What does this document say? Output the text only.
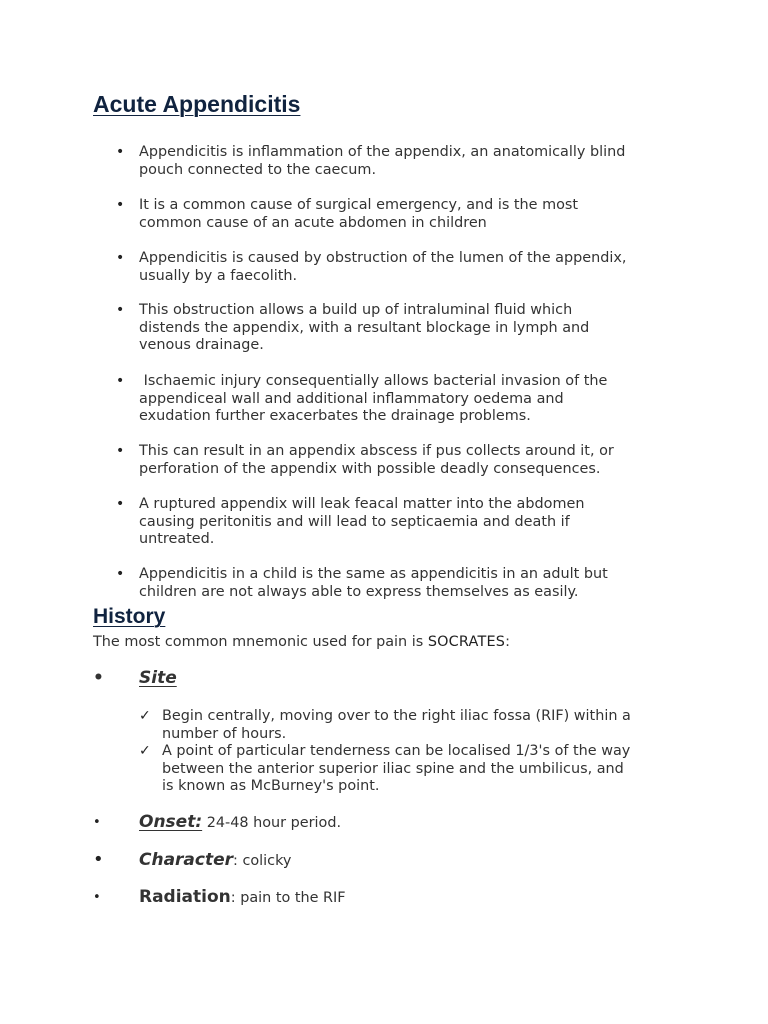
Acute Appendicitis
• Appendicitis is inflammation of the appendix, an anatomically blind
pouch connected to the caecum.
• It is a common cause of surgical emergency, and is the most
common cause of an acute abdomen in children
• Appendicitis is caused by obstruction of the lumen of the appendix,
usually by a faecolith.
• This obstruction allows a build up of intraluminal fluid which
distends the appendix, with a resultant blockage in lymph and
venous drainage.
• Ischaemic injury consequentially allows bacterial invasion of the
appendiceal wall and additional inflammatory oedema and
exudation further exacerbates the drainage problems.
• This can result in an appendix abscess if pus collects around it, or
perforation of the appendix with possible deadly consequences.
• A ruptured appendix will leak feacal matter into the abdomen
causing peritonitis and will lead to septicaemia and death if
untreated.
• Appendicitis in a child is the same as appendicitis in an adult but
children are not always able to express themselves as easily.
History
The most common mnemonic used for pain is SOCRATES:
• Site
✓ Begin centrally, moving over to the right iliac fossa (RIF) within a
number of hours.
✓ A point of particular tenderness can be localised 1/3's of the way
between the anterior superior iliac spine and the umbilicus, and
is known as McBurney's point.
• Onset: 24-48 hour period.
• Character: colicky
• Radiation: pain to the RIF
